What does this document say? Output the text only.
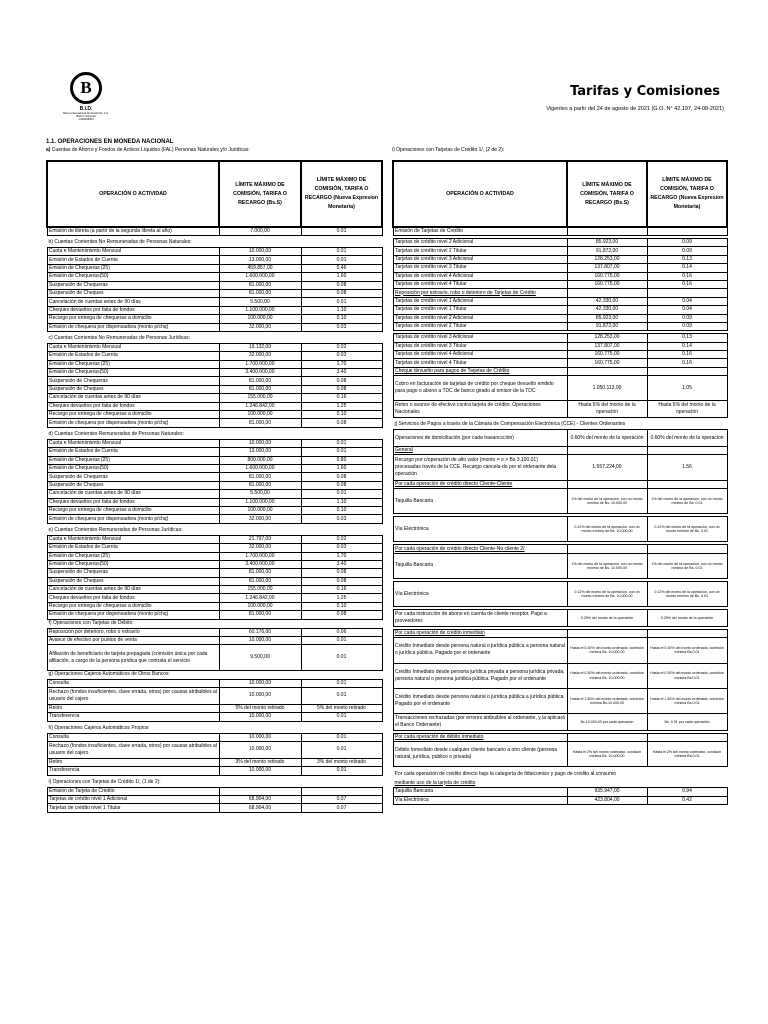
B
B.I.D.
Banco Internacional de Desarrollo, C.A.
Banco Universal
J-000029504
Tarifas y Comisiones
Vigentes a partir del 24 de agosto de 2021 (G.O. N° 42.197, 24-08-2021)
1.1. OPERACIONES EN MONEDA NACIONAL
a) Cuentas de Ahorro y Fondos de Activos Líquidos (FAL) Personas Naturales y/o Jurídicas:	i) Operaciones con Tarjetas de Crédito 1/, (2 de 2):
OPERACIÓN O ACTIVIDAD	LÍMITE MÁXIMO DE COMISIÓN, TARIFA O RECARGO (Bs.S)	LÍMITE MÁXIMO DE COMISIÓN, TARIFA O RECARGO (Nueva Expresion Monetaria)
Emisión de libreta (a partir de la segunda libreta al año)	7.000,00	0.01

b) Cuentas Corrientes No Remuneradas de Personas Naturales:		
Cuota e Mantenimiento Mensual	10.000,00	0.01
Emisión de Estados de Cuenta	13.000,00	0.01
Emisión de Chequeras (25)	459.857,00	0.46
Emisión de Chequeras(50)	1.600.000,00	1.60
Suspensión de Chequeras	81.000,00	0.08
Suspensión de Cheques	81.000,00	0.08
Cancelación de cuentas antes de 90 días	5.500,00	0.01
Cheques devueltos por falta de fondos	1.100.000,00	1.10
Recargo por entrega de chequeras a domicilio	100.000,00	0.10
Emisión de chequera por dispensadora (monto p/chq)	32.000,00	0.03

c) Cuentas Corrientes No Remuneradas de Personas Jurídicas:		
Cuota e Mantenimiento Mensual	19.132,00	0.02
Emisión de Estados de Cuenta	32.000,00	0.03
Emisión de Chequeras (25)	1.700.000,00	1.70
Emisión de Chequeras(50)	3.400.000,00	3.40
Suspensión de Chequeras	81.000,00	0.08
Suspensión de Cheques	81.000,00	0.08
Cancelación de cuentas antes de 90 días	155.000,00	0.16
Cheques devueltos por falta de fondos	1.246.842,00	1.25
Recargo por entrega de chequeras a domicilio	100.000,00	0.10
Emisión de chequera por dispensadora (monto p/chq)	81.000,00	0.08

d) Cuentas Corrientes Remuneradas de Personas Naturales:		
Cuota e Mantenimiento Mensual	10.000,00	0.01
Emisión de Estados de Cuenta	13.000,00	0.01
Emisión de Chequeras (25)	800.000,00	0.80
Emisión de Chequeras(50)	1.600.000,00	1.60
Suspensión de Chequeras	81.000,00	0.08
Suspensión de Cheques	81.000,00	0.08
Cancelación de cuentas antes de 90 días	5.500,00	0.01
Cheques devueltos por falta de fondos	1.100.000,00	1.10
Recargo por entrega de chequeras a domicilio	100.000,00	0.10
Emisión de chequera por dispensadora (monto p/chq)	32.000,00	0.03

e) Cuentas Corrientes Remuneradas de Personas Jurídicas:		
Cuota e Mantenimiento Mensual	21.797,00	0.02
Emisión de Estados de Cuenta	32.000,00	0.03
Emisión de Chequeras (25)	1.700.000,00	1.70
Emisión de Chequeras(50)	3.400.000,00	3.40
Suspensión de Chequeras	81.000,00	0.08
Suspensión de Cheques	81.000,00	0.08
Cancelación de cuentas antes de 90 días	155.000,00	0.16
Cheques devueltos por falta de fondos	1.246.842,00	1.25
Recargo por entrega de chequeras a domicilio	100.000,00	0.10
Emisión de chequera por dispensadora (monto p/chq)	81.000,00	0.08
f) Operaciones con Tarjetas de Débito:		
Reposición por deterioro, robo o extravío	60.176,00	0.06
Avance de efectivo por puntos de venta	10.000,00	0.01
Afiliación de beneficiario de tarjeta prepagada (comisión única por cada afiliación, a cargo de la persona jurídica que contrata el servicio	9.500,00	0.01
g) Operaciones Cajeros Automáticos de Otros Bancos:		
Consulta	10.000,00	0.01
Rechazo (fondos insuficientes, clave errada, otros) por causas atribuibles al usuario del cajero	10.000,00	0.01
Retiro	5% del monto retirado	5% del monto retirado
Transferencia	10.000,00	0.01

h) Operaciones Cajeros Automáticos Propios:		
Consulta	10.000,00	0.01
Rechazo (fondos insuficientes, clave errada, otros) por causas atribuibles al usuario del cajero	10.000,00	0.01
Retiro	3% del monto retirado	3% del monto retirado
Transferencia	10.000,00	0.01

i) Operaciones con Tarjetas de Crédito 1/, (1 de 2):		
Emisión de Tarjeta de Crédito		
Tarjetas de crédito nivel 1 Adicional	68.904,00	0.07
Tarjetas de crédito nivel 1 Titular	68.904,00	0.07
OPERACIÓN O ACTIVIDAD	LÍMITE MÁXIMO DE COMISIÓN, TARIFA O RECARGO (Bs.S)	LÍMITE MÁXIMO DE COMISIÓN, TARIFA O RECARGO (Nueva Expresion Monetaria)
Emisión de Tarjetas de Crédito		

Tarjetas de crédito nivel 2 Adicional	85.923,00	0.09
Tarjetas de crédito nivel 2 Titular	91.872,00	0.09
Tarjetas de crédito nivel 3 Adicional	128.253,00	0.13
Tarjetas de crédito nivel 3 Titular	137.807,00	0.14
Tarjetas de crédito nivel 4 Adicional	160.775,00	0.16
Tarjetas de crédito nivel 4 Titular	160.775,00	0.16
Reposición por extravío, robo o deterioro de Tarjetas de Crédito		
Tarjetas de crédito nivel 1 Adicional	42.330,00	0.04
Tarjetas de crédito nivel 1 Titular	42.330,00	0.04
Tarjetas de crédito nivel 2 Adicional	85.923,00	0.09
Tarjetas de crédito nivel 2 Titular	91.872,00	0.09

Tarjetas de crédito nivel 3 Adicional	128.253,00	0.13
Tarjetas de crédito nivel 3 Titular	137.807,00	0.14
Tarjetas de crédito nivel 4 Adicional	160.775,00	0.16
Tarjetas de crédito nivel 4 Titular	160.775,00	0.16
Cheque devuelto para pagos de Tarjetas de Crédito		
Cobro en facturación de tarjetas de crédito por cheque devuelto emitido para pago o abono a TDC de banco girado al emisor de la TDC	1.050.113,00	1.05
Retiro o avance de efectivo contra tarjeta de crédito. Operaciones Nacionales	Hasta 5% del monto de la operación	Hasta 5% del monto de la operación

j) Servicios de Pagos a través de la Cámara de Compensación Electrónica (CCE) - Clientes Ordenantes		
Operaciones de domiciliación (por cada trasanccción)	0.60% del monto de la operación	0.60% del monto de la operacion
General		
Recargo por c/operación de alto valor (monto = o > Bs 3.100.01) procesadas través de la CCE. Recargo cancela-do por el ordenante dela operación	1.557.224,00	1.56
Por cada operación de crédito directo Cliente-Cliente		
Taquilla Bancaria	1% del monto de la operación, con un monto mínimo de Bs. 10.000,00	1% del monto de la operación, con un monto mínimo de Bs. 0.01

Vía Electrónica	0.12% del monto de la operación, con un monto mínimo de Bs. 10.000,00	0.12% del monto de la operación, con un monto mínimo de Bs. 0.01

Por cada operación de crédito directo Cliente-No cliente 2/		
Taquilla Bancaria	1% del monto de la operación, con un monto mínimo de Bs. 10.000,00	1% del monto de la operación, con un monto mínimo de Bs. 0.01

Vía Electrónica	0.12% del monto de la operación, con un monto mínimo de Bs. 10.000,00	0.12% del monto de la operación, con un monto mínimo de Bs. 0.01

Por cada instrucción de abono en cuenta de cliente receptor. Pago a proveedores	0.25% del monto de la operación	0.25% del monto de la operación

Por cada operación de crédito inmediato		
Crédito Inmediato desde persona natural o jurídica pública a persona natural o jurídica pública. Pagado por el ordenante	Hasta el 0.30% del monto ordenado, comisión mínima Bs. 10.000,00	Hasta el 0.30% del monto ordenado, comisión mínima Bs.0.01
Crédito Inmediato desde persona jurídica privada a persona jurídica privada, persona natural o persona jurídica pública. Pagado por el ordenante	Hasta el 0.30% del monto ordenado, comisión mínima Bs. 10.000,00	Hasta el 0.30% del monto ordenado, comisión mínima Bs.0.01
Crédito Inmediato desde persona natural o jurídica pública a jurídica pública. Pagado por el ordenante	Hasta el 1.50% del monto ordenado, comisión mínima Bs.10.000,00	Hasta el 1.50% del monto ordenado, comisión mínima Bs.0.01
Transacciones rechazadas (por errores atribuibles al ordenante, y la aplicará el Banco Ordenante)	Bs.10.000,00 por cada operación	Bs. 0.01 por cada operación

Por cada operación de débito inmediato		
Débito Inmediato desde cualquier cliente bancario a otro cliente (persona natural, jurídica, público o privada)	Hasta el 2% del monto ordenado, comisión mínima Bs. 10.000,00	Hasta el 2% del monto ordenado, comisión mínima Bs.0.01

Por cada operación de crédito directo bajo la categoría de fideicomiso y pago de crédito al consumo		
mediante uso de la tarjeta de crédito		
Taquilla Bancaria	935.947,00	0.94
Vía Electrónica	423.804,00	0.42
